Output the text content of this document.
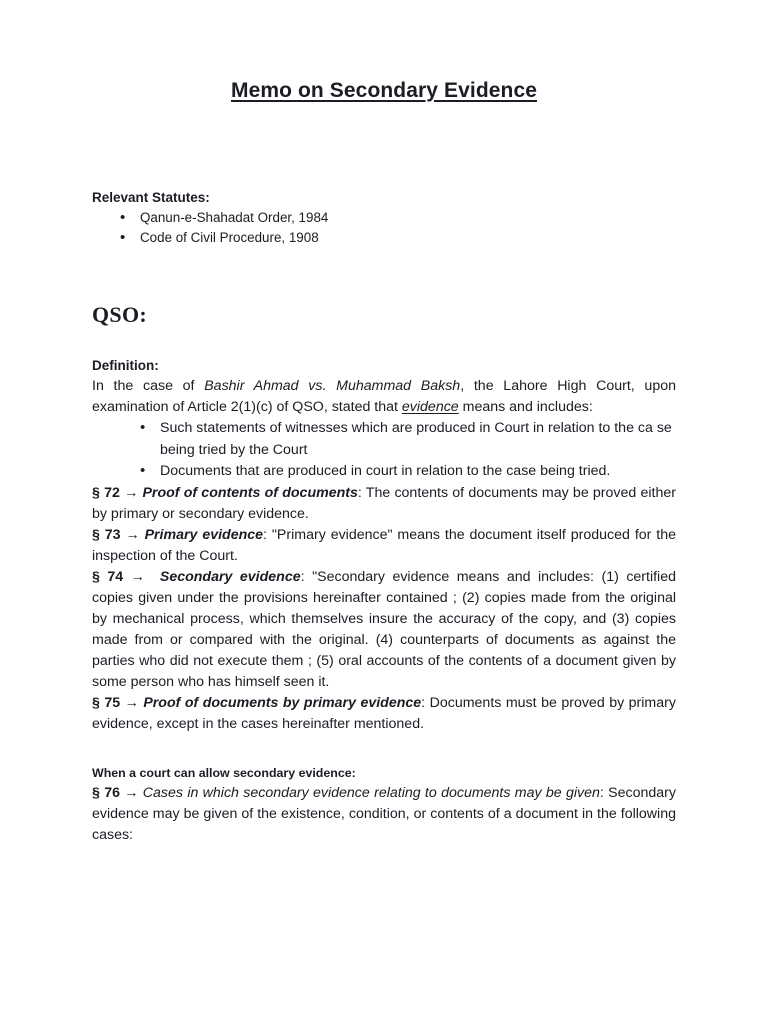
Memo on Secondary Evidence
Relevant Statutes:
• Qanun-e-Shahadat Order, 1984
• Code of Civil Procedure, 1908
QSO:
Definition:

In the case of Bashir Ahmad vs. Muhammad Baksh, the Lahore High Court, upon examination of Article 2(1)(c) of QSO, stated that evidence means and includes:

• Such statements of witnesses which are produced in Court in relation to the ca se being tried by the Court
• Documents that are produced in court in relation to the case being tried.

§ 72 → Proof of contents of documents: The contents of documents may be proved either by primary or secondary evidence.

§ 73 → Primary evidence: "Primary evidence" means the document itself produced for the inspection of the Court.

§ 74 → Secondary evidence: "Secondary evidence means and includes: (1) certified copies given under the provisions hereinafter contained ; (2) copies made from the original by mechanical process, which themselves insure the accuracy of the copy, and (3) copies made from or compared with the original. (4) counterparts of documents as against the parties who did not execute them ; (5) oral accounts of the contents of a document given by some person who has himself seen it.

§ 75 → Proof of documents by primary evidence: Documents must be proved by primary evidence, except in the cases hereinafter mentioned.

When a court can allow secondary evidence:

§ 76 → Cases in which secondary evidence relating to documents may be given: Secondary evidence may be given of the existence, condition, or contents of a document in the following cases:
